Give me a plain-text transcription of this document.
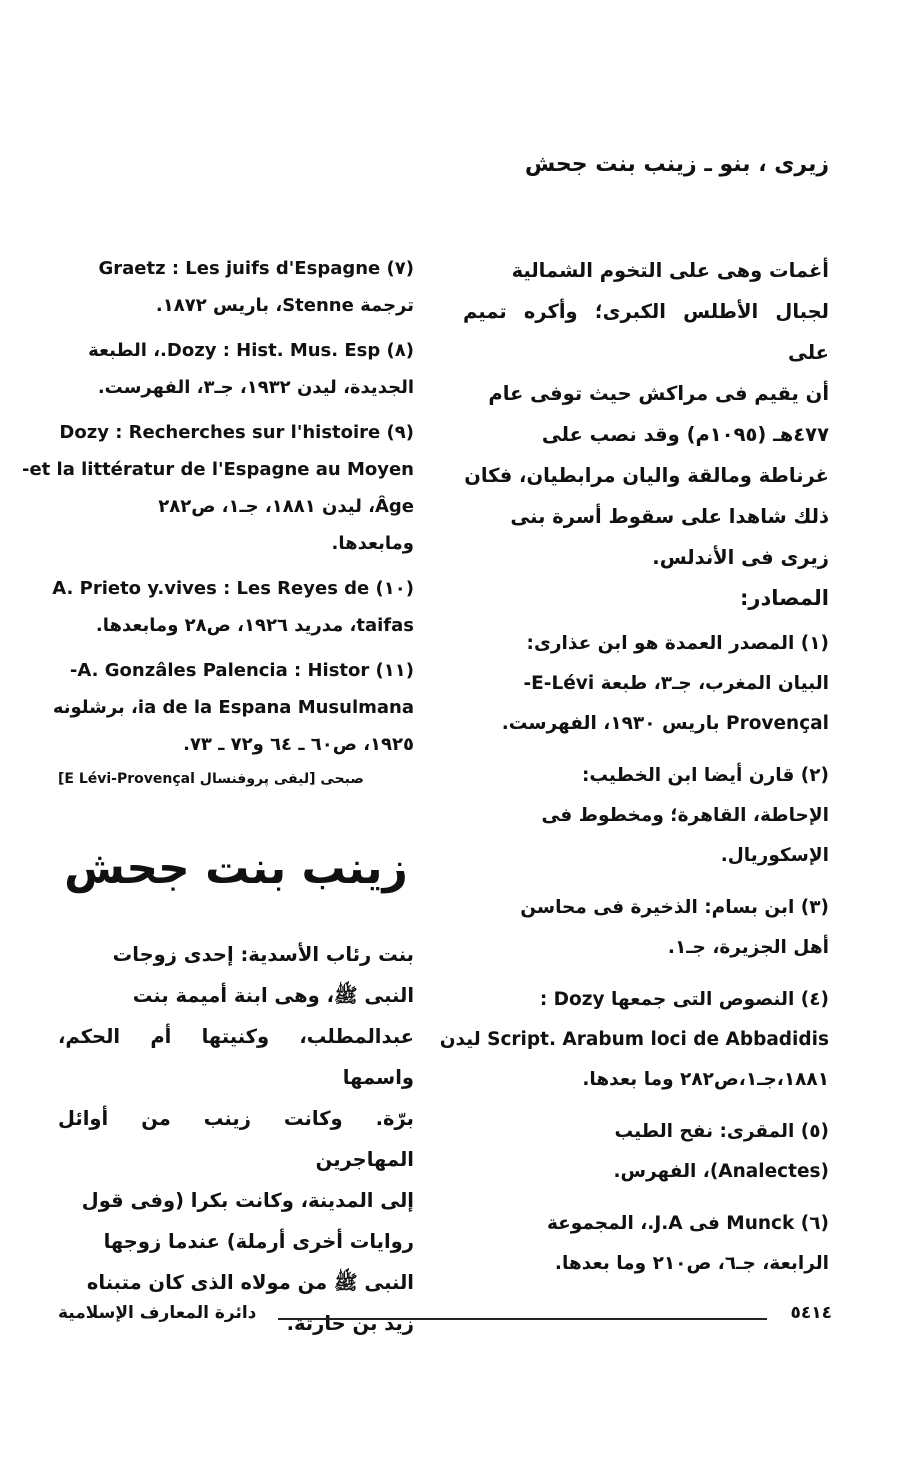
زيرى ، بنو ـ زينب بنت جحش

أغمات وهى على التخوم الشمالية

لجبال الأطلس الكبرى؛ وأكره تميم على

أن يقيم فى مراكش حيث توفى عام

٤٧٧هـ (١٠٩٥م) وقد نصب على

غرناطة ومالقة واليان مرابطيان، فكان

ذلك شاهدا على سقوط أسرة بنى

زيرى فى الأندلس.

المصادر:

(١) المصدر العمدة هو ابن عذارى:

البيان المغرب، جـ٣، طبعة E-Lévi-

Provençal باريس ١٩٣٠، الفهرست.

(٢) قارن أيضا ابن الخطيب:

الإحاطة، القاهرة؛ ومخطوط فى

الإسكوريال.

(٣) ابن بسام: الذخيرة فى محاسن

أهل الجزيرة، جـ١.

(٤) النصوص التى جمعها Dozy :

Script. Arabum loci de Abbadidis ليدن

١٨٨١،جـ١،ص٢٨٢ وما بعدها.

(٥) المقرى: نفح الطيب

(Analectes)، الفهرس.

(٦) Munck فى J.A.، المجموعة

الرابعة، جـ٦، ص٢١٠ وما بعدها.

(٧) Graetz : Les juifs d'Espagne

ترجمة Stenne، باريس ١٨٧٢.

(٨) Dozy : Hist. Mus. Esp.، الطبعة

الجديدة، ليدن ١٩٣٢، جـ٣، الفهرست.

(٩) Dozy : Recherches sur l'histoire

et la littératur de l'Espagne au Moyen-

Âge، ليدن ١٨٨١، جـ١، ص٢٨٢

ومابعدها.

(١٠) A. Prieto y.vives : Les Reyes de

taifas، مدريد ١٩٢٦، ص٢٨ ومابعدها.

(١١) A. Gonzâles Palencia : Histor-

ia de la Espana Musulmana، برشلونه

١٩٢٥، ص٦٠ ـ ٦٤ و٧٢ ـ ٧٣.

صبحى [ليفى پروفنسال E Lévi-Provençal]
زينب بنت جحش

بنت رئاب الأسدية: إحدى زوجات

النبى ﷺ، وهى ابنة أميمة بنت

عبدالمطلب، وكنيتها أم الحكم، واسمها

برّة. وكانت زينب من أوائل المهاجرين

إلى المدينة، وكانت بكرا (وفى قول

روايات أخرى أرملة) عندما زوجها

النبى ﷺ من مولاه الذى كان متبناه

زيد بن حارثة.

دائرة المعارف الإسلامية	٥٤١٤
